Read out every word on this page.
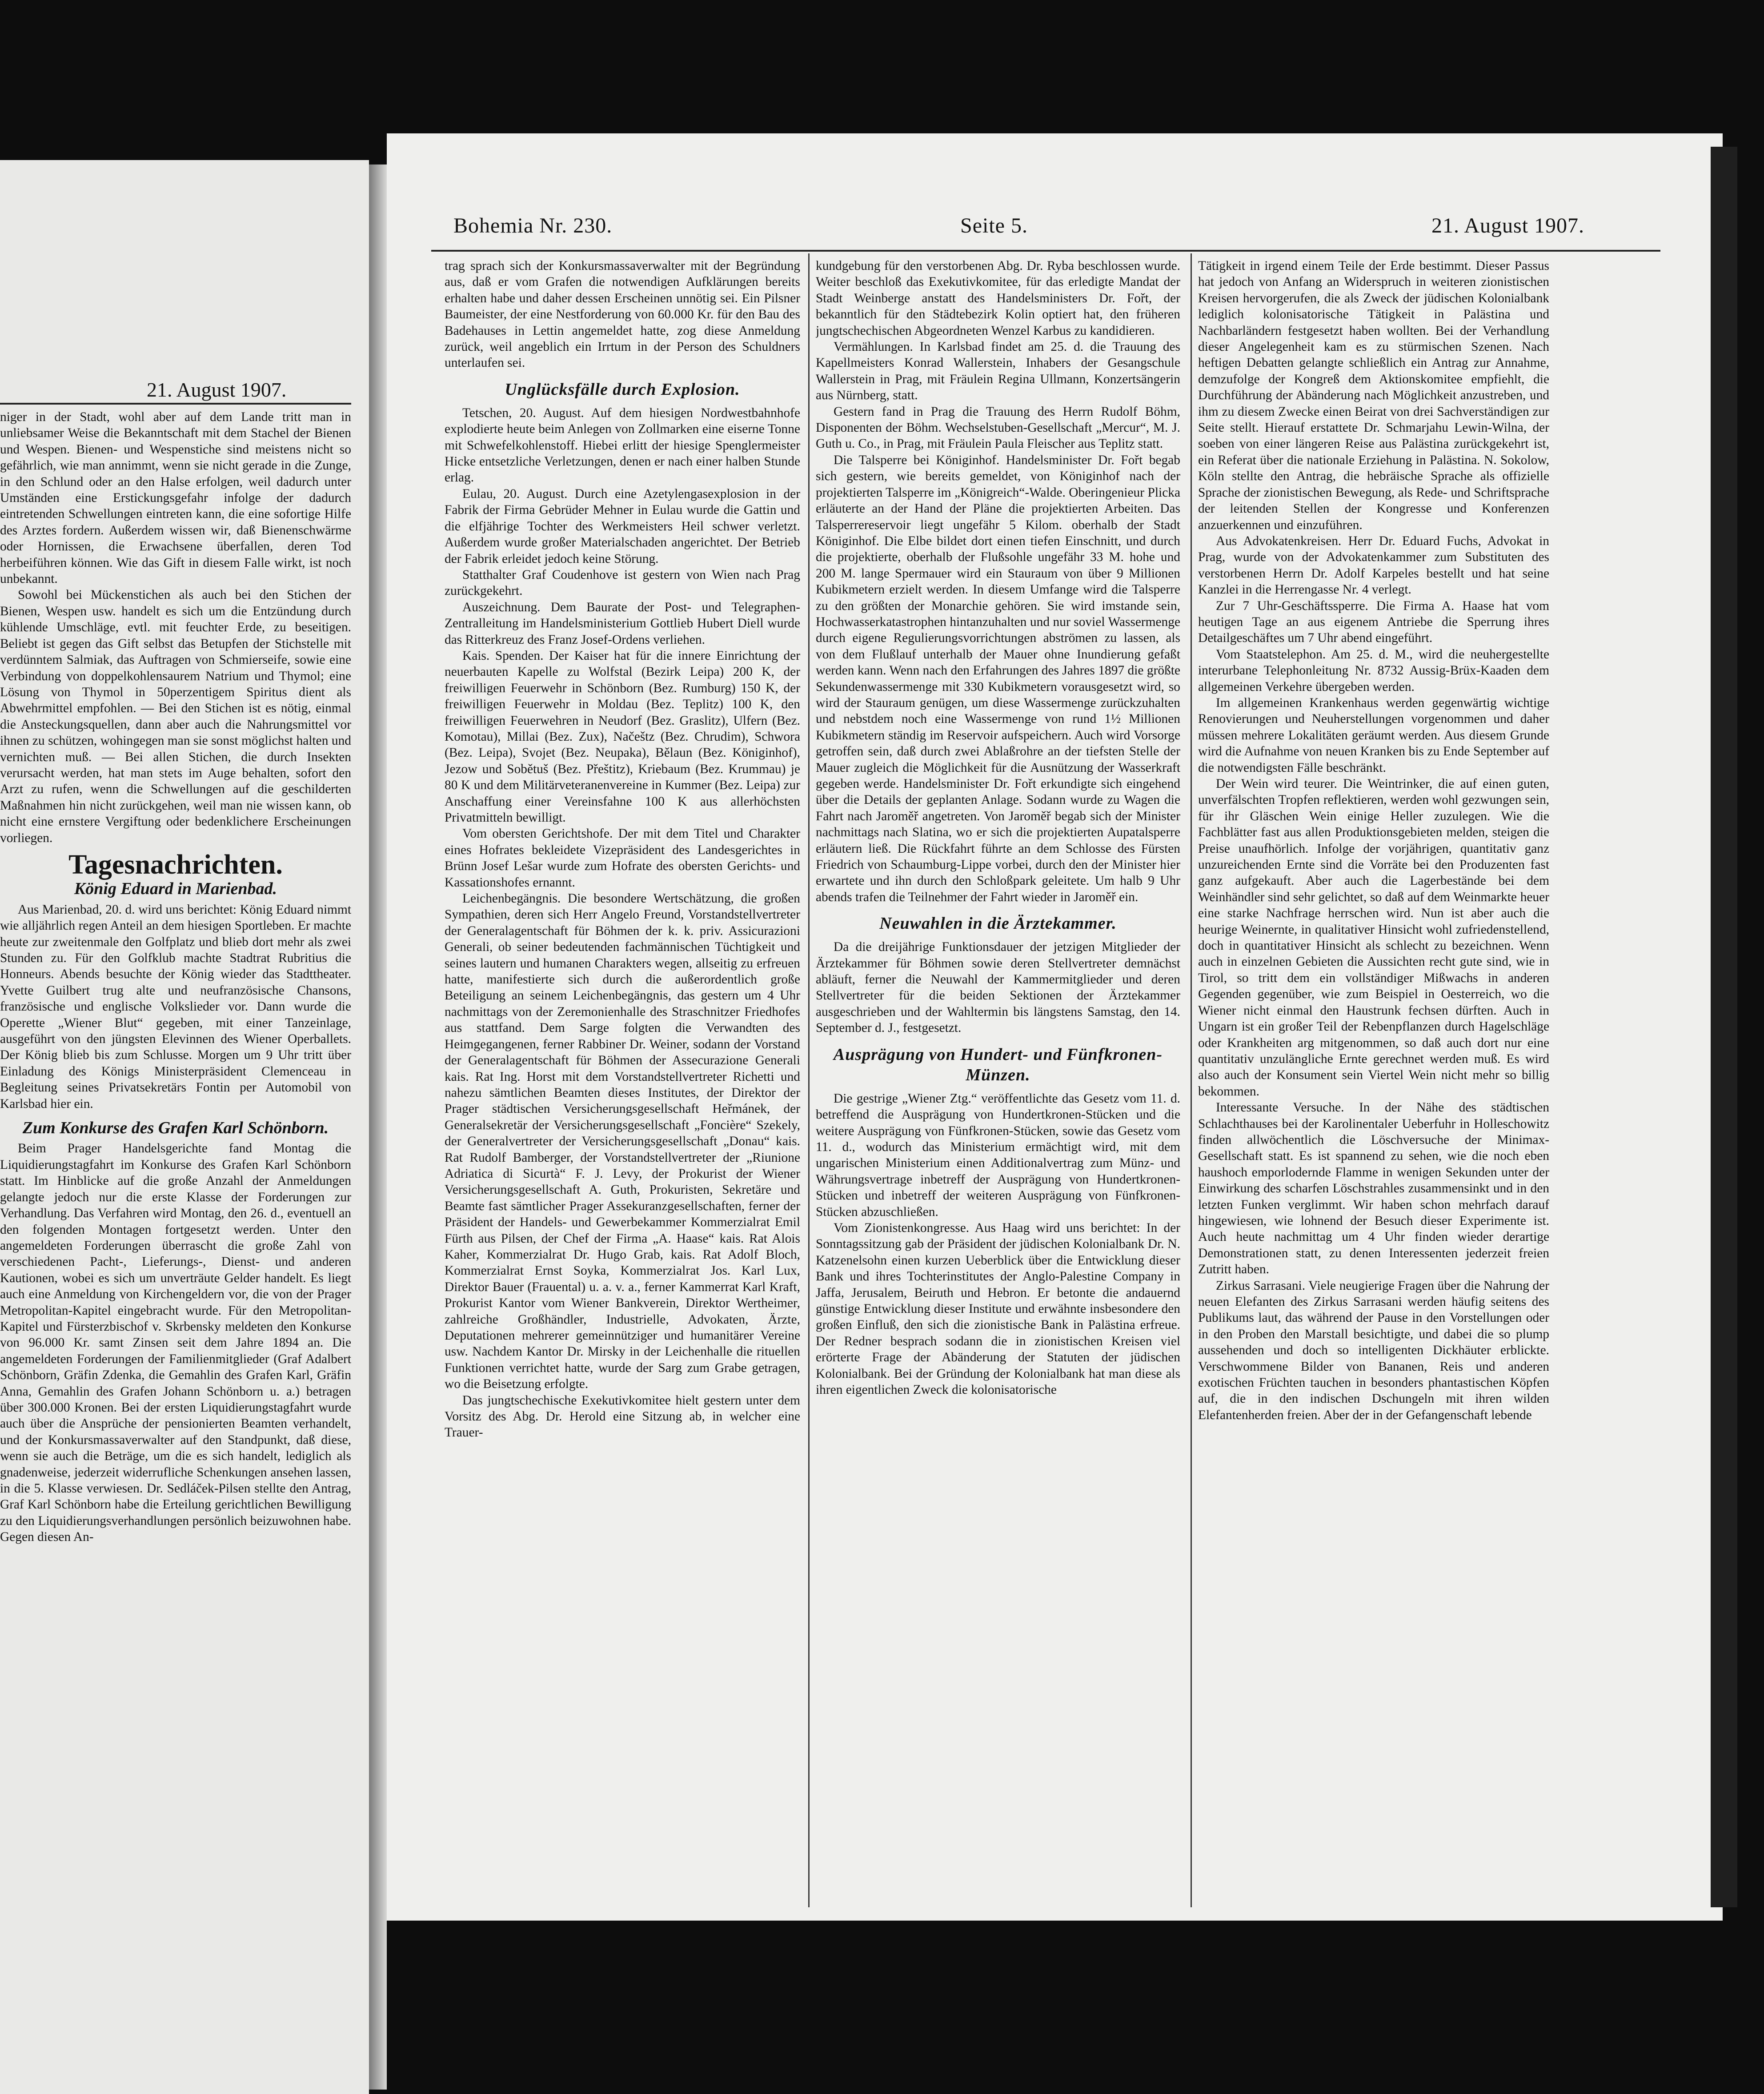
21. August 1907.

niger in der Stadt, wohl aber auf dem Lande tritt man in unliebsamer Weise die Bekanntschaft mit dem Stachel der Bienen und Wespen. Bienen- und Wespenstiche sind meistens nicht so gefährlich, wie man annimmt, wenn sie nicht gerade in die Zunge, in den Schlund oder an den Halse erfolgen, weil dadurch unter Umständen eine Erstickungsgefahr infolge der dadurch eintretenden Schwellungen eintreten kann, die eine sofortige Hilfe des Arztes fordern. Außerdem wissen wir, daß Bienenschwärme oder Hornissen, die Erwachsene überfallen, deren Tod herbeiführen können. Wie das Gift in diesem Falle wirkt, ist noch unbekannt.

Sowohl bei Mückenstichen als auch bei den Stichen der Bienen, Wespen usw. handelt es sich um die Entzündung durch kühlende Umschläge, evtl. mit feuchter Erde, zu beseitigen. Beliebt ist gegen das Gift selbst das Betupfen der Stichstelle mit verdünntem Salmiak, das Auftragen von Schmierseife, sowie eine Verbindung von doppelkohlensaurem Natrium und Thymol; eine Lösung von Thymol in 50perzentigem Spiritus dient als Abwehrmittel empfohlen. — Bei den Stichen ist es nötig, einmal die Ansteckungsquellen, dann aber auch die Nahrungsmittel vor ihnen zu schützen, wohingegen man sie sonst möglichst halten und vernichten muß. — Bei allen Stichen, die durch Insekten verursacht werden, hat man stets im Auge behalten, sofort den Arzt zu rufen, wenn die Schwellungen auf die geschilderten Maßnahmen hin nicht zurückgehen, weil man nie wissen kann, ob nicht eine ernstere Vergiftung oder bedenklichere Erscheinungen vorliegen.

Tagesnachrichten.
König Eduard in Marienbad.

Aus Marienbad, 20. d. wird uns berichtet: König Eduard nimmt wie alljährlich regen Anteil an dem hiesigen Sportleben. Er machte heute zur zweitenmale den Golfplatz und blieb dort mehr als zwei Stunden zu. Für den Golfklub machte Stadtrat Rubritius die Honneurs. Abends besuchte der König wieder das Stadttheater. Yvette Guilbert trug alte und neufranzösische Chansons, französische und englische Volkslieder vor. Dann wurde die Operette „Wiener Blut“ gegeben, mit einer Tanzeinlage, ausgeführt von den jüngsten Elevinnen des Wiener Operballets. Der König blieb bis zum Schlusse. Morgen um 9 Uhr tritt über Einladung des Königs Ministerpräsident Clemenceau in Begleitung seines Privatsekretärs Fontin per Automobil von Karlsbad hier ein.

Zum Konkurse des Grafen Karl Schönborn.

Beim Prager Handelsgerichte fand Montag die Liquidierungstagfahrt im Konkurse des Grafen Karl Schönborn statt. Im Hinblicke auf die große Anzahl der Anmeldungen gelangte jedoch nur die erste Klasse der Forderungen zur Verhandlung. Das Verfahren wird Montag, den 26. d., eventuell an den folgenden Montagen fortgesetzt werden. Unter den angemeldeten Forderungen überrascht die große Zahl von verschiedenen Pacht-, Lieferungs-, Dienst- und anderen Kautionen, wobei es sich um unverträute Gelder handelt. Es liegt auch eine Anmeldung von Kirchengeldern vor, die von der Prager Metropolitan-Kapitel eingebracht wurde. Für den Metropolitan-Kapitel und Fürsterzbischof v. Skrbensky meldeten den Konkurse von 96.000 Kr. samt Zinsen seit dem Jahre 1894 an. Die angemeldeten Forderungen der Familienmitglieder (Graf Adalbert Schönborn, Gräfin Zdenka, die Gemahlin des Grafen Karl, Gräfin Anna, Gemahlin des Grafen Johann Schönborn u. a.) betragen über 300.000 Kronen. Bei der ersten Liquidierungstagfahrt wurde auch über die Ansprüche der pensionierten Beamten verhandelt, und der Konkursmassaverwalter auf den Standpunkt, daß diese, wenn sie auch die Beträge, um die es sich handelt, lediglich als gnadenweise, jederzeit widerrufliche Schenkungen ansehen lassen, in die 5. Klasse verwiesen. Dr. Sedláček-Pilsen stellte den Antrag, Graf Karl Schönborn habe die Erteilung gerichtlichen Bewilligung zu den Liquidierungsverhandlungen persönlich beizuwohnen habe. Gegen diesen An-

Bohemia Nr. 230.	Seite 5.	21. August 1907.

trag sprach sich der Konkursmassaverwalter mit der Begründung aus, daß er vom Grafen die notwendigen Aufklärungen bereits erhalten habe und daher dessen Erscheinen unnötig sei. Ein Pilsner Baumeister, der eine Nestforderung von 60.000 Kr. für den Bau des Badehauses in Lettin angemeldet hatte, zog diese Anmeldung zurück, weil angeblich ein Irrtum in der Person des Schuldners unterlaufen sei.

Unglücksfälle durch Explosion.

Tetschen, 20. August. Auf dem hiesigen Nordwestbahnhofe explodierte heute beim Anlegen von Zollmarken eine eiserne Tonne mit Schwefelkohlenstoff. Hiebei erlitt der hiesige Spenglermeister Hicke entsetzliche Verletzungen, denen er nach einer halben Stunde erlag.

Eulau, 20. August. Durch eine Azetylengasexplosion in der Fabrik der Firma Gebrüder Mehner in Eulau wurde die Gattin und die elfjährige Tochter des Werkmeisters Heil schwer verletzt. Außerdem wurde großer Materialschaden angerichtet. Der Betrieb der Fabrik erleidet jedoch keine Störung.

Statthalter Graf Coudenhove ist gestern von Wien nach Prag zurückgekehrt.

Auszeichnung. Dem Baurate der Post- und Telegraphen-Zentralleitung im Handelsministerium Gottlieb Hubert Diell wurde das Ritterkreuz des Franz Josef-Ordens verliehen.

Kais. Spenden. Der Kaiser hat für die innere Einrichtung der neuerbauten Kapelle zu Wolfstal (Bezirk Leipa) 200 K, der freiwilligen Feuerwehr in Schönborn (Bez. Rumburg) 150 K, der freiwilligen Feuerwehr in Moldau (Bez. Teplitz) 100 K, den freiwilligen Feuerwehren in Neudorf (Bez. Graslitz), Ulfern (Bez. Komotau), Millai (Bez. Zux), Načeštz (Bez. Chrudim), Schwora (Bez. Leipa), Svojet (Bez. Neupaka), Bělaun (Bez. Königinhof), Jezow und Sobětuš (Bez. Přeštitz), Kriebaum (Bez. Krummau) je 80 K und dem Militärveteranenvereine in Kummer (Bez. Leipa) zur Anschaffung einer Vereinsfahne 100 K aus allerhöchsten Privatmitteln bewilligt.

Vom obersten Gerichtshofe. Der mit dem Titel und Charakter eines Hofrates bekleidete Vizepräsident des Landesgerichtes in Brünn Josef Lešar wurde zum Hofrate des obersten Gerichts- und Kassationshofes ernannt.

Leichenbegängnis. Die besondere Wertschätzung, die großen Sympathien, deren sich Herr Angelo Freund, Vorstandstellvertreter der Generalagentschaft für Böhmen der k. k. priv. Assicurazioni Generali, ob seiner bedeutenden fachmännischen Tüchtigkeit und seines lautern und humanen Charakters wegen, allseitig zu erfreuen hatte, manifestierte sich durch die außerordentlich große Beteiligung an seinem Leichenbegängnis, das gestern um 4 Uhr nachmittags von der Zeremonienhalle des Straschnitzer Friedhofes aus stattfand. Dem Sarge folgten die Verwandten des Heimgegangenen, ferner Rabbiner Dr. Weiner, sodann der Vorstand der Generalagentschaft für Böhmen der Assecurazione Generali kais. Rat Ing. Horst mit dem Vorstandstellvertreter Richetti und nahezu sämtlichen Beamten dieses Institutes, der Direktor der Prager städtischen Versicherungsgesellschaft Heřmánek, der Generalsekretär der Versicherungsgesellschaft „Foncière“ Szekely, der Generalvertreter der Versicherungsgesellschaft „Donau“ kais. Rat Rudolf Bamberger, der Vorstandstellvertreter der „Riunione Adriatica di Sicurtà“ F. J. Levy, der Prokurist der Wiener Versicherungsgesellschaft A. Guth, Prokuristen, Sekretäre und Beamte fast sämtlicher Prager Assekuranzgesellschaften, ferner der Präsident der Handels- und Gewerbekammer Kommerzialrat Emil Fürth aus Pilsen, der Chef der Firma „A. Haase“ kais. Rat Alois Kaher, Kommerzialrat Dr. Hugo Grab, kais. Rat Adolf Bloch, Kommerzialrat Ernst Soyka, Kommerzialrat Jos. Karl Lux, Direktor Bauer (Frauental) u. a. v. a., ferner Kammerrat Karl Kraft, Prokurist Kantor vom Wiener Bankverein, Direktor Wertheimer, zahlreiche Großhändler, Industrielle, Advokaten, Ärzte, Deputationen mehrerer gemeinnütziger und humanitärer Vereine usw. Nachdem Kantor Dr. Mirsky in der Leichenhalle die rituellen Funktionen verrichtet hatte, wurde der Sarg zum Grabe getragen, wo die Beisetzung erfolgte.

Das jungtschechische Exekutivkomitee hielt gestern unter dem Vorsitz des Abg. Dr. Herold eine Sitzung ab, in welcher eine Trauer-

kundgebung für den verstorbenen Abg. Dr. Ryba beschlossen wurde. Weiter beschloß das Exekutivkomitee, für das erledigte Mandat der Stadt Weinberge anstatt des Handelsministers Dr. Fořt, der bekanntlich für den Städtebezirk Kolin optiert hat, den früheren jungtschechischen Abgeordneten Wenzel Karbus zu kandidieren.

Vermählungen. In Karlsbad findet am 25. d. die Trauung des Kapellmeisters Konrad Wallerstein, Inhabers der Gesangschule Wallerstein in Prag, mit Fräulein Regina Ullmann, Konzertsängerin aus Nürnberg, statt.

Gestern fand in Prag die Trauung des Herrn Rudolf Böhm, Disponenten der Böhm. Wechselstuben-Gesellschaft „Mercur“, M. J. Guth u. Co., in Prag, mit Fräulein Paula Fleischer aus Teplitz statt.

Die Talsperre bei Königinhof. Handelsminister Dr. Fořt begab sich gestern, wie bereits gemeldet, von Königinhof nach der projektierten Talsperre im „Königreich“-Walde. Oberingenieur Plicka erläuterte an der Hand der Pläne die projektierten Arbeiten. Das Talsperrereservoir liegt ungefähr 5 Kilom. oberhalb der Stadt Königinhof. Die Elbe bildet dort einen tiefen Einschnitt, und durch die projektierte, oberhalb der Flußsohle ungefähr 33 M. hohe und 200 M. lange Spermauer wird ein Stauraum von über 9 Millionen Kubikmetern erzielt werden. In diesem Umfange wird die Talsperre zu den größten der Monarchie gehören. Sie wird imstande sein, Hochwasserkatastrophen hintanzuhalten und nur soviel Wassermenge durch eigene Regulierungsvorrichtungen abströmen zu lassen, als von dem Flußlauf unterhalb der Mauer ohne Inundierung gefaßt werden kann. Wenn nach den Erfahrungen des Jahres 1897 die größte Sekundenwassermenge mit 330 Kubikmetern vorausgesetzt wird, so wird der Stauraum genügen, um diese Wassermenge zurückzuhalten und nebstdem noch eine Wassermenge von rund 1½ Millionen Kubikmetern ständig im Reservoir aufspeichern. Auch wird Vorsorge getroffen sein, daß durch zwei Ablaßrohre an der tiefsten Stelle der Mauer zugleich die Möglichkeit für die Ausnützung der Wasserkraft gegeben werde. Handelsminister Dr. Fořt erkundigte sich eingehend über die Details der geplanten Anlage. Sodann wurde zu Wagen die Fahrt nach Jaroměř angetreten. Von Jaroměř begab sich der Minister nachmittags nach Slatina, wo er sich die projektierten Aupatalsperre erläutern ließ. Die Rückfahrt führte an dem Schlosse des Fürsten Friedrich von Schaumburg-Lippe vorbei, durch den der Minister hier erwartete und ihn durch den Schloßpark geleitete. Um halb 9 Uhr abends trafen die Teilnehmer der Fahrt wieder in Jaroměř ein.

Neuwahlen in die Ärztekammer.

Da die dreijährige Funktionsdauer der jetzigen Mitglieder der Ärztekammer für Böhmen sowie deren Stellvertreter demnächst abläuft, ferner die Neuwahl der Kammermitglieder und deren Stellvertreter für die beiden Sektionen der Ärztekammer ausgeschrieben und der Wahltermin bis längstens Samstag, den 14. September d. J., festgesetzt.

Ausprägung von Hundert- und Fünfkronen-Münzen.

Die gestrige „Wiener Ztg.“ veröffentlichte das Gesetz vom 11. d. betreffend die Ausprägung von Hundertkronen-Stücken und die weitere Ausprägung von Fünfkronen-Stücken, sowie das Gesetz vom 11. d., wodurch das Ministerium ermächtigt wird, mit dem ungarischen Ministerium einen Additionalvertrag zum Münz- und Währungsvertrage inbetreff der Ausprägung von Hundertkronen-Stücken und inbetreff der weiteren Ausprägung von Fünfkronen-Stücken abzuschließen.

Vom Zionistenkongresse. Aus Haag wird uns berichtet: In der Sonntagssitzung gab der Präsident der jüdischen Kolonialbank Dr. N. Katzenelsohn einen kurzen Ueberblick über die Entwicklung dieser Bank und ihres Tochterinstitutes der Anglo-Palestine Company in Jaffa, Jerusalem, Beiruth und Hebron. Er betonte die andauernd günstige Entwicklung dieser Institute und erwähnte insbesondere den großen Einfluß, den sich die zionistische Bank in Palästina erfreue. Der Redner besprach sodann die in zionistischen Kreisen viel erörterte Frage der Abänderung der Statuten der jüdischen Kolonialbank. Bei der Gründung der Kolonialbank hat man diese als ihren eigentlichen Zweck die kolonisatorische

Tätigkeit in irgend einem Teile der Erde bestimmt. Dieser Passus hat jedoch von Anfang an Widerspruch in weiteren zionistischen Kreisen hervorgerufen, die als Zweck der jüdischen Kolonialbank lediglich kolonisatorische Tätigkeit in Palästina und Nachbarländern festgesetzt haben wollten. Bei der Verhandlung dieser Angelegenheit kam es zu stürmischen Szenen. Nach heftigen Debatten gelangte schließlich ein Antrag zur Annahme, demzufolge der Kongreß dem Aktionskomitee empfiehlt, die Durchführung der Abänderung nach Möglichkeit anzustreben, und ihm zu diesem Zwecke einen Beirat von drei Sachverständigen zur Seite stellt. Hierauf erstattete Dr. Schmarjahu Lewin-Wilna, der soeben von einer längeren Reise aus Palästina zurückgekehrt ist, ein Referat über die nationale Erziehung in Palästina. N. Sokolow, Köln stellte den Antrag, die hebräische Sprache als offizielle Sprache der zionistischen Bewegung, als Rede- und Schriftsprache der leitenden Stellen der Kongresse und Konferenzen anzuerkennen und einzuführen.

Aus Advokatenkreisen. Herr Dr. Eduard Fuchs, Advokat in Prag, wurde von der Advokatenkammer zum Substituten des verstorbenen Herrn Dr. Adolf Karpeles bestellt und hat seine Kanzlei in die Herrengasse Nr. 4 verlegt.

Zur 7 Uhr-Geschäftssperre. Die Firma A. Haase hat vom heutigen Tage an aus eigenem Antriebe die Sperrung ihres Detailgeschäftes um 7 Uhr abend eingeführt.

Vom Staatstelephon. Am 25. d. M., wird die neuhergestellte interurbane Telephonleitung Nr. 8732 Aussig-Brüx-Kaaden dem allgemeinen Verkehre übergeben werden.

Im allgemeinen Krankenhaus werden gegenwärtig wichtige Renovierungen und Neuherstellungen vorgenommen und daher müssen mehrere Lokalitäten geräumt werden. Aus diesem Grunde wird die Aufnahme von neuen Kranken bis zu Ende September auf die notwendigsten Fälle beschränkt.

Der Wein wird teurer. Die Weintrinker, die auf einen guten, unverfälschten Tropfen reflektieren, werden wohl gezwungen sein, für ihr Gläschen Wein einige Heller zuzulegen. Wie die Fachblätter fast aus allen Produktionsgebieten melden, steigen die Preise unaufhörlich. Infolge der vorjährigen, quantitativ ganz unzureichenden Ernte sind die Vorräte bei den Produzenten fast ganz aufgekauft. Aber auch die Lagerbestände bei dem Weinhändler sind sehr gelichtet, so daß auf dem Weinmarkte heuer eine starke Nachfrage herrschen wird. Nun ist aber auch die heurige Weinernte, in qualitativer Hinsicht wohl zufriedenstellend, doch in quantitativer Hinsicht als schlecht zu bezeichnen. Wenn auch in einzelnen Gebieten die Aussichten recht gute sind, wie in Tirol, so tritt dem ein vollständiger Mißwachs in anderen Gegenden gegenüber, wie zum Beispiel in Oesterreich, wo die Wiener nicht einmal den Haustrunk fechsen dürften. Auch in Ungarn ist ein großer Teil der Rebenpflanzen durch Hagelschläge oder Krankheiten arg mitgenommen, so daß auch dort nur eine quantitativ unzulängliche Ernte gerechnet werden muß. Es wird also auch der Konsument sein Viertel Wein nicht mehr so billig bekommen.

Interessante Versuche. In der Nähe des städtischen Schlachthauses bei der Karolinentaler Ueberfuhr in Holleschowitz finden allwöchentlich die Löschversuche der Minimax-Gesellschaft statt. Es ist spannend zu sehen, wie die noch eben haushoch emporlodernde Flamme in wenigen Sekunden unter der Einwirkung des scharfen Löschstrahles zusammensinkt und in den letzten Funken verglimmt. Wir haben schon mehrfach darauf hingewiesen, wie lohnend der Besuch dieser Experimente ist. Auch heute nachmittag um 4 Uhr finden wieder derartige Demonstrationen statt, zu denen Interessenten jederzeit freien Zutritt haben.

Zirkus Sarrasani. Viele neugierige Fragen über die Nahrung der neuen Elefanten des Zirkus Sarrasani werden häufig seitens des Publikums laut, das während der Pause in den Vorstellungen oder in den Proben den Marstall besichtigte, und dabei die so plump aussehenden und doch so intelligenten Dickhäuter erblickte. Verschwommene Bilder von Bananen, Reis und anderen exotischen Früchten tauchen in besonders phantastischen Köpfen auf, die in den indischen Dschungeln mit ihren wilden Elefantenherden freien. Aber der in der Gefangenschaft lebende
